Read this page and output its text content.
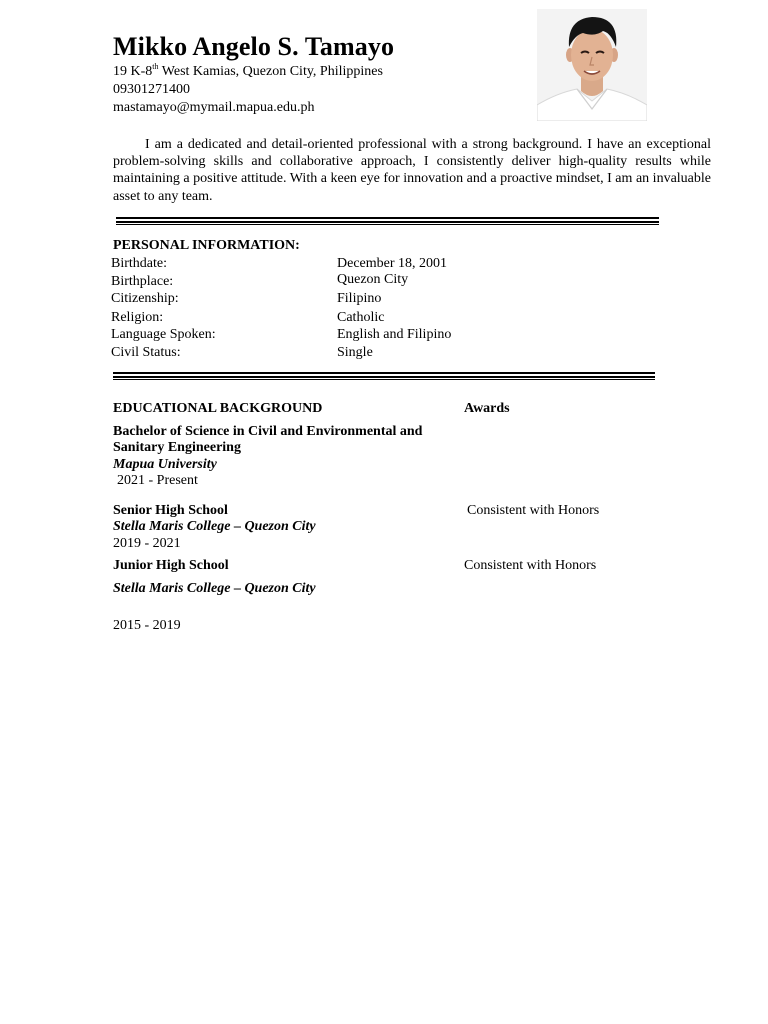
Mikko Angelo S. Tamayo
19 K-8th West Kamias, Quezon City, Philippines
09301271400
mastamayo@mymail.mapua.edu.ph
I am a dedicated and detail-oriented professional with a strong background. I have an exceptional problem-solving skills and collaborative approach, I consistently deliver high-quality results while maintaining a positive attitude. With a keen eye for innovation and a proactive mindset, I am an invaluable asset to any team.
PERSONAL INFORMATION:
Birthdate:	December 18, 2001
Birthplace:	Quezon City
Citizenship:	Filipino
Religion:	Catholic
Language Spoken:	English and Filipino
Civil Status:	Single
EDUCATIONAL BACKGROUND	Awards
Bachelor of Science in Civil and Environmental and
Sanitary Engineering
Mapua University
2021 - Present
Senior High School	Consistent with Honors
Stella Maris College – Quezon City
2019 - 2021
Junior High School	Consistent with Honors
Stella Maris College – Quezon City
2015 - 2019
